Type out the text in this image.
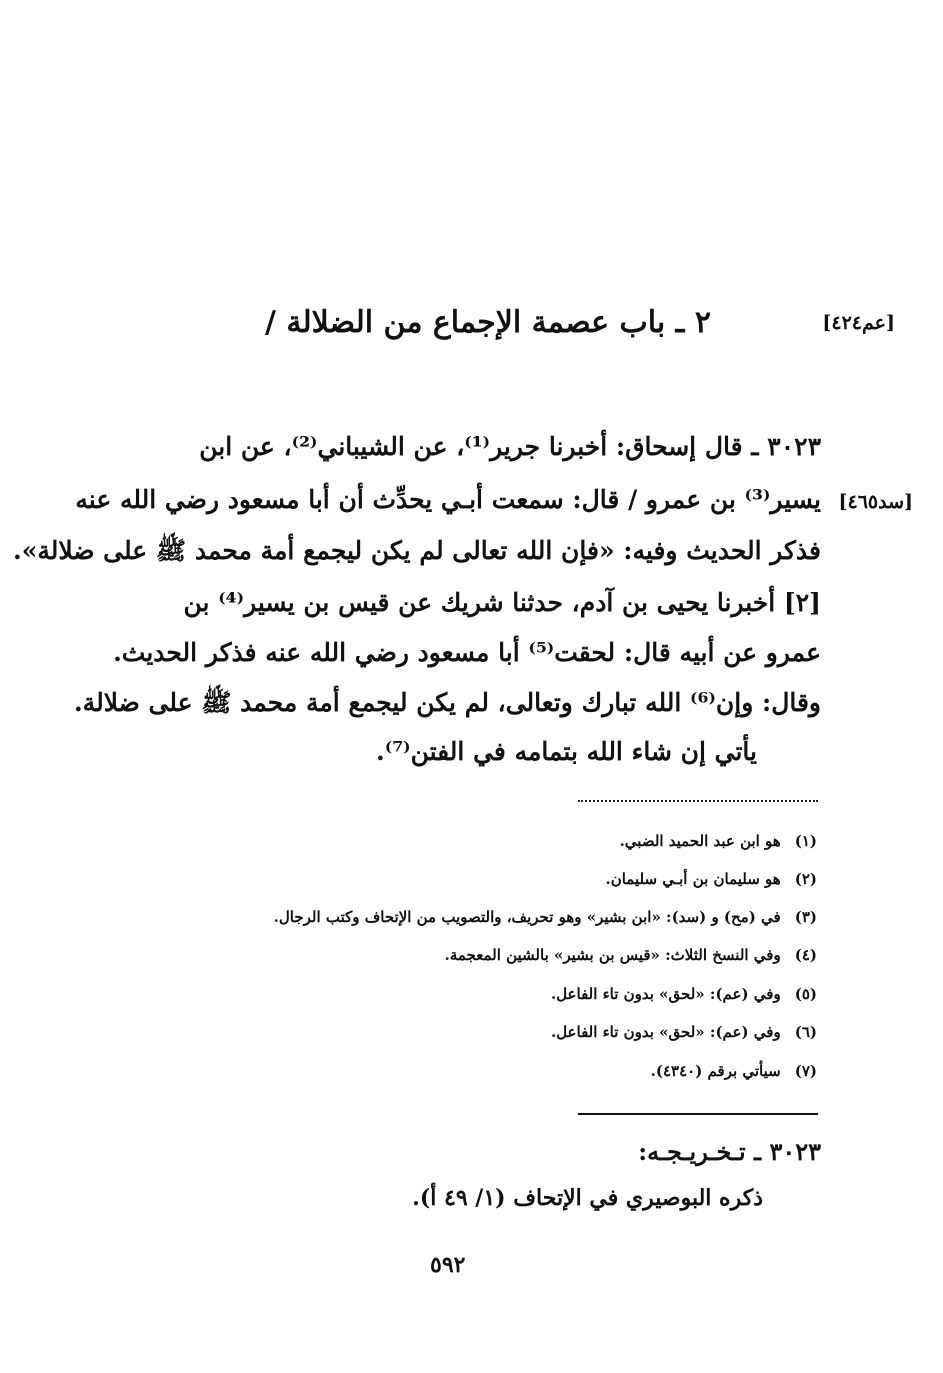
[عم٤٢٤]
٢ ـ باب عصمة الإجماع من الضلالة /
[سد٤٦٥]
٣٠٢٣ ـ قال إسحاق: أخبرنا جرير⁽¹⁾، عن الشيباني⁽²⁾، عن ابن
يسير⁽³⁾ بن عمرو / قال: سمعت أبـي يحدِّث أن أبا مسعود رضي الله عنه
فذكر الحديث وفيه: «فإن الله تعالى لم يكن ليجمع أمة محمد ﷺ على ضلالة».
[٢] أخبرنا يحيى بن آدم، حدثنا شريك عن قيس بن يسير⁽⁴⁾ بن
عمرو عن أبيه قال: لحقت⁽⁵⁾ أبا مسعود رضي الله عنه فذكر الحديث.
وقال: وإن⁽⁶⁾ الله تبارك وتعالى، لم يكن ليجمع أمة محمد ﷺ على ضلالة.
يأتي إن شاء الله بتمامه في الفتن⁽⁷⁾.
(١)هو ابن عبد الحميد الضبي.
(٢)هو سليمان بن أبـي سليمان.
(٣)في (مح) و (سد): «ابن بشير» وهو تحريف، والتصويب من الإتحاف وكتب الرجال.
(٤)وفي النسخ الثلاث: «قيس بن بشير» بالشين المعجمة.
(٥)وفي (عم): «لحق» بدون تاء الفاعل.
(٦)وفي (عم): «لحق» بدون تاء الفاعل.
(٧)سيأتي برقم (٤٣٤٠).
٣٠٢٣ ـ تـخـريـجـه:
ذكره البوصيري في الإتحاف (١/ ٤٩ أ).
٥٩٢
